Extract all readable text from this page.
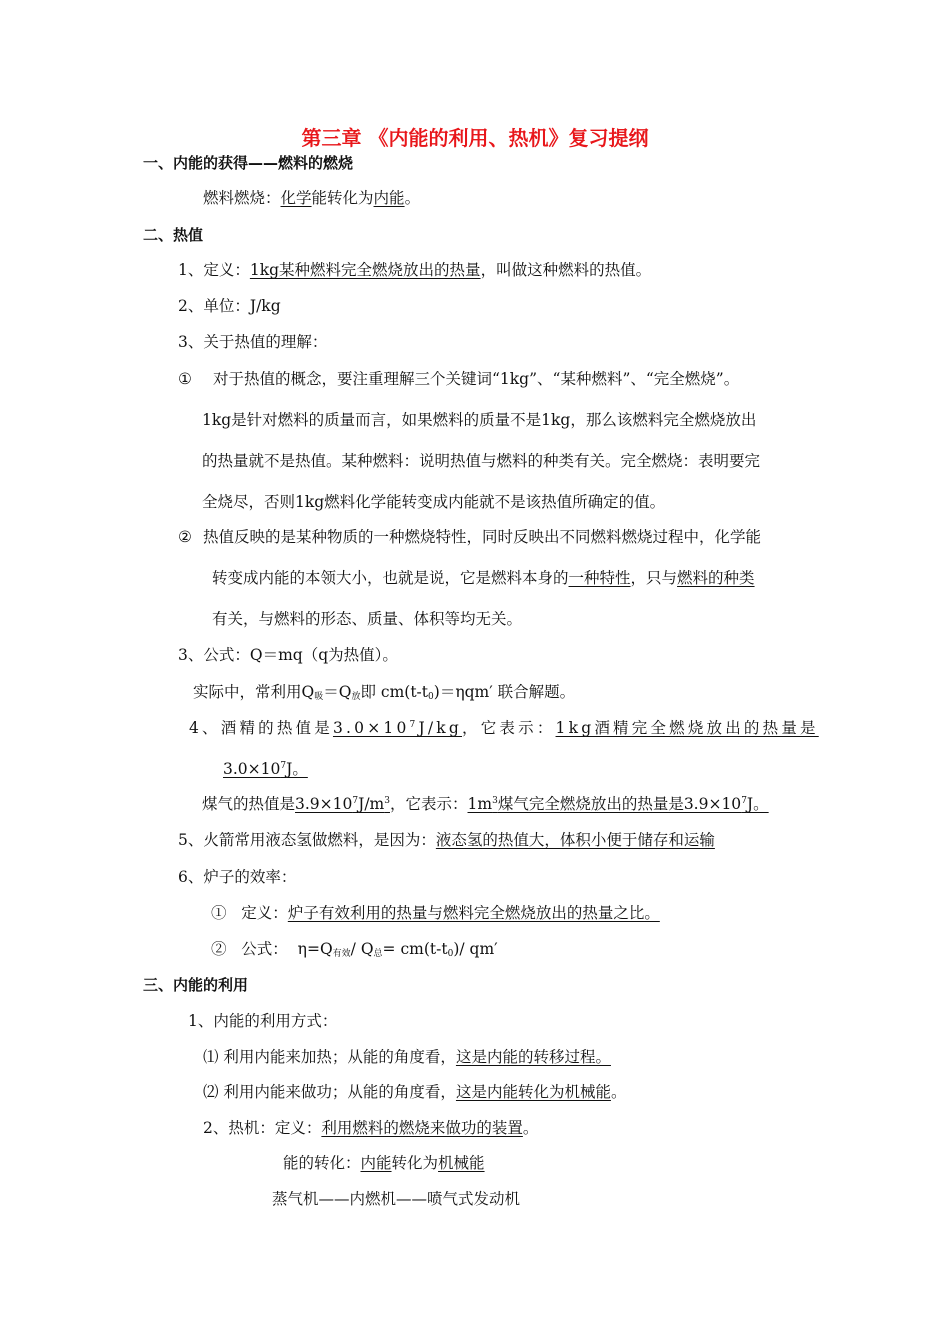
第三章 《内能的利用、热机》复习提纲
一、内能的获得——燃料的燃烧
燃料燃烧：化学能转化为内能。
二、热值
1、定义：1kg某种燃料完全燃烧放出的热量，叫做这种燃料的热值。
2、单位：J/kg
3、关于热值的理解：
① 对于热值的概念，要注重理解三个关键词“1kg”、“某种燃料”、“完全燃烧”。
1kg是针对燃料的质量而言，如果燃料的质量不是1kg，那么该燃料完全燃烧放出
的热量就不是热值。某种燃料：说明热值与燃料的种类有关。完全燃烧：表明要完
全烧尽，否则1kg燃料化学能转变成内能就不是该热值所确定的值。
② 热值反映的是某种物质的一种燃烧特性，同时反映出不同燃料燃烧过程中，化学能
转变成内能的本领大小，也就是说，它是燃料本身的一种特性，只与燃料的种类
有关，与燃料的形态、质量、体积等均无关。
3、公式：Q＝mq（q为热值）。
实际中，常利用$Q_吸=Q_放$即 $cm(t-t_0)=\eta qm'$ 联合解题。
4、酒精的热值是$3.0\times 10^7J/kg$，它表示：1kg酒精完全燃烧放出的热量是
$3.0\times 10^7J$。
煤气的热值是$3.9\times 10^7J/m^3$，它表示：$1m^3$煤气完全燃烧放出的热量是$3.9\times 10^7J$。
5、火箭常用液态氢做燃料，是因为：液态氢的热值大，体积小便于储存和运输
6、炉子的效率：
① 定义：炉子有效利用的热量与燃料完全燃烧放出的热量之比。
② 公式： $\eta=Q_{有效}/$ $Q_总= cm(t-t_0)/$ qm′
三、内能的利用
1、内能的利用方式：
⑴ 利用内能来加热；从能的角度看，这是内能的转移过程。
⑵ 利用内能来做功；从能的角度看，这是内能转化为机械能。
2、热机：定义：利用燃料的燃烧来做功的装置。
能的转化：内能转化为机械能
蒸气机——内燃机——喷气式发动机
